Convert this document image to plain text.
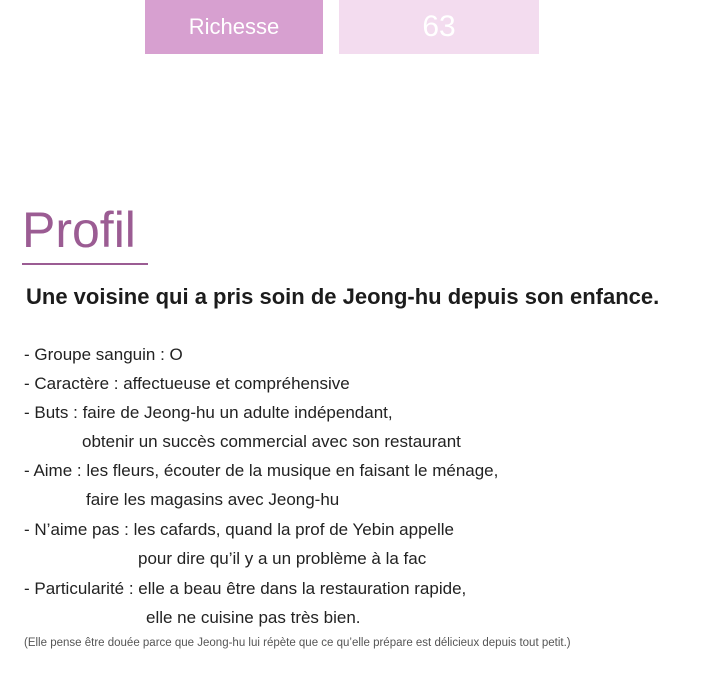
Richesse	63
Profil
Une voisine qui a pris soin de Jeong-hu depuis son enfance.
- Groupe sanguin : O
- Caractère : affectueuse et compréhensive
- Buts : faire de Jeong-hu un adulte indépendant,
obtenir un succès commercial avec son restaurant
- Aime : les fleurs, écouter de la musique en faisant le ménage,
faire les magasins avec Jeong-hu
- N’aime pas : les cafards, quand la prof de Yebin appelle
pour dire qu’il y a un problème à la fac
- Particularité : elle a beau être dans la restauration rapide,
elle ne cuisine pas très bien.
(Elle pense être douée parce que Jeong-hu lui répète que ce qu’elle prépare est délicieux depuis tout petit.)
